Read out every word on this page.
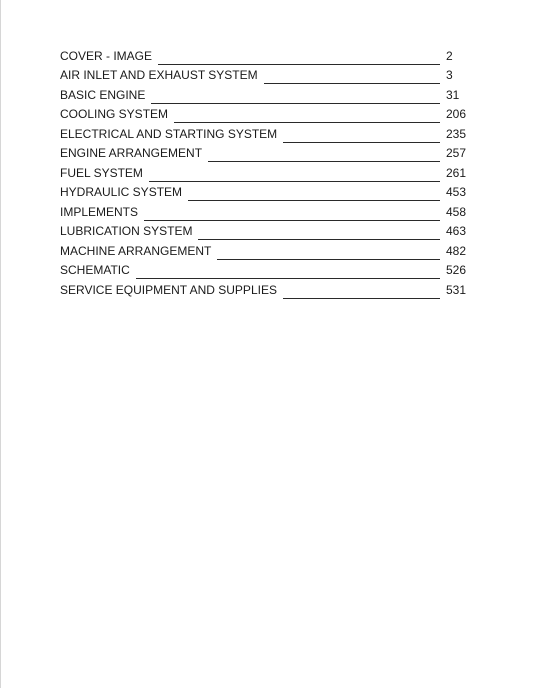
COVER - IMAGE	2
AIR INLET AND EXHAUST SYSTEM	3
BASIC ENGINE	31
COOLING SYSTEM	206
ELECTRICAL AND STARTING SYSTEM	235
ENGINE ARRANGEMENT	257
FUEL SYSTEM	261
HYDRAULIC SYSTEM	453
IMPLEMENTS	458
LUBRICATION SYSTEM	463
MACHINE ARRANGEMENT	482
SCHEMATIC	526
SERVICE EQUIPMENT AND SUPPLIES	531
